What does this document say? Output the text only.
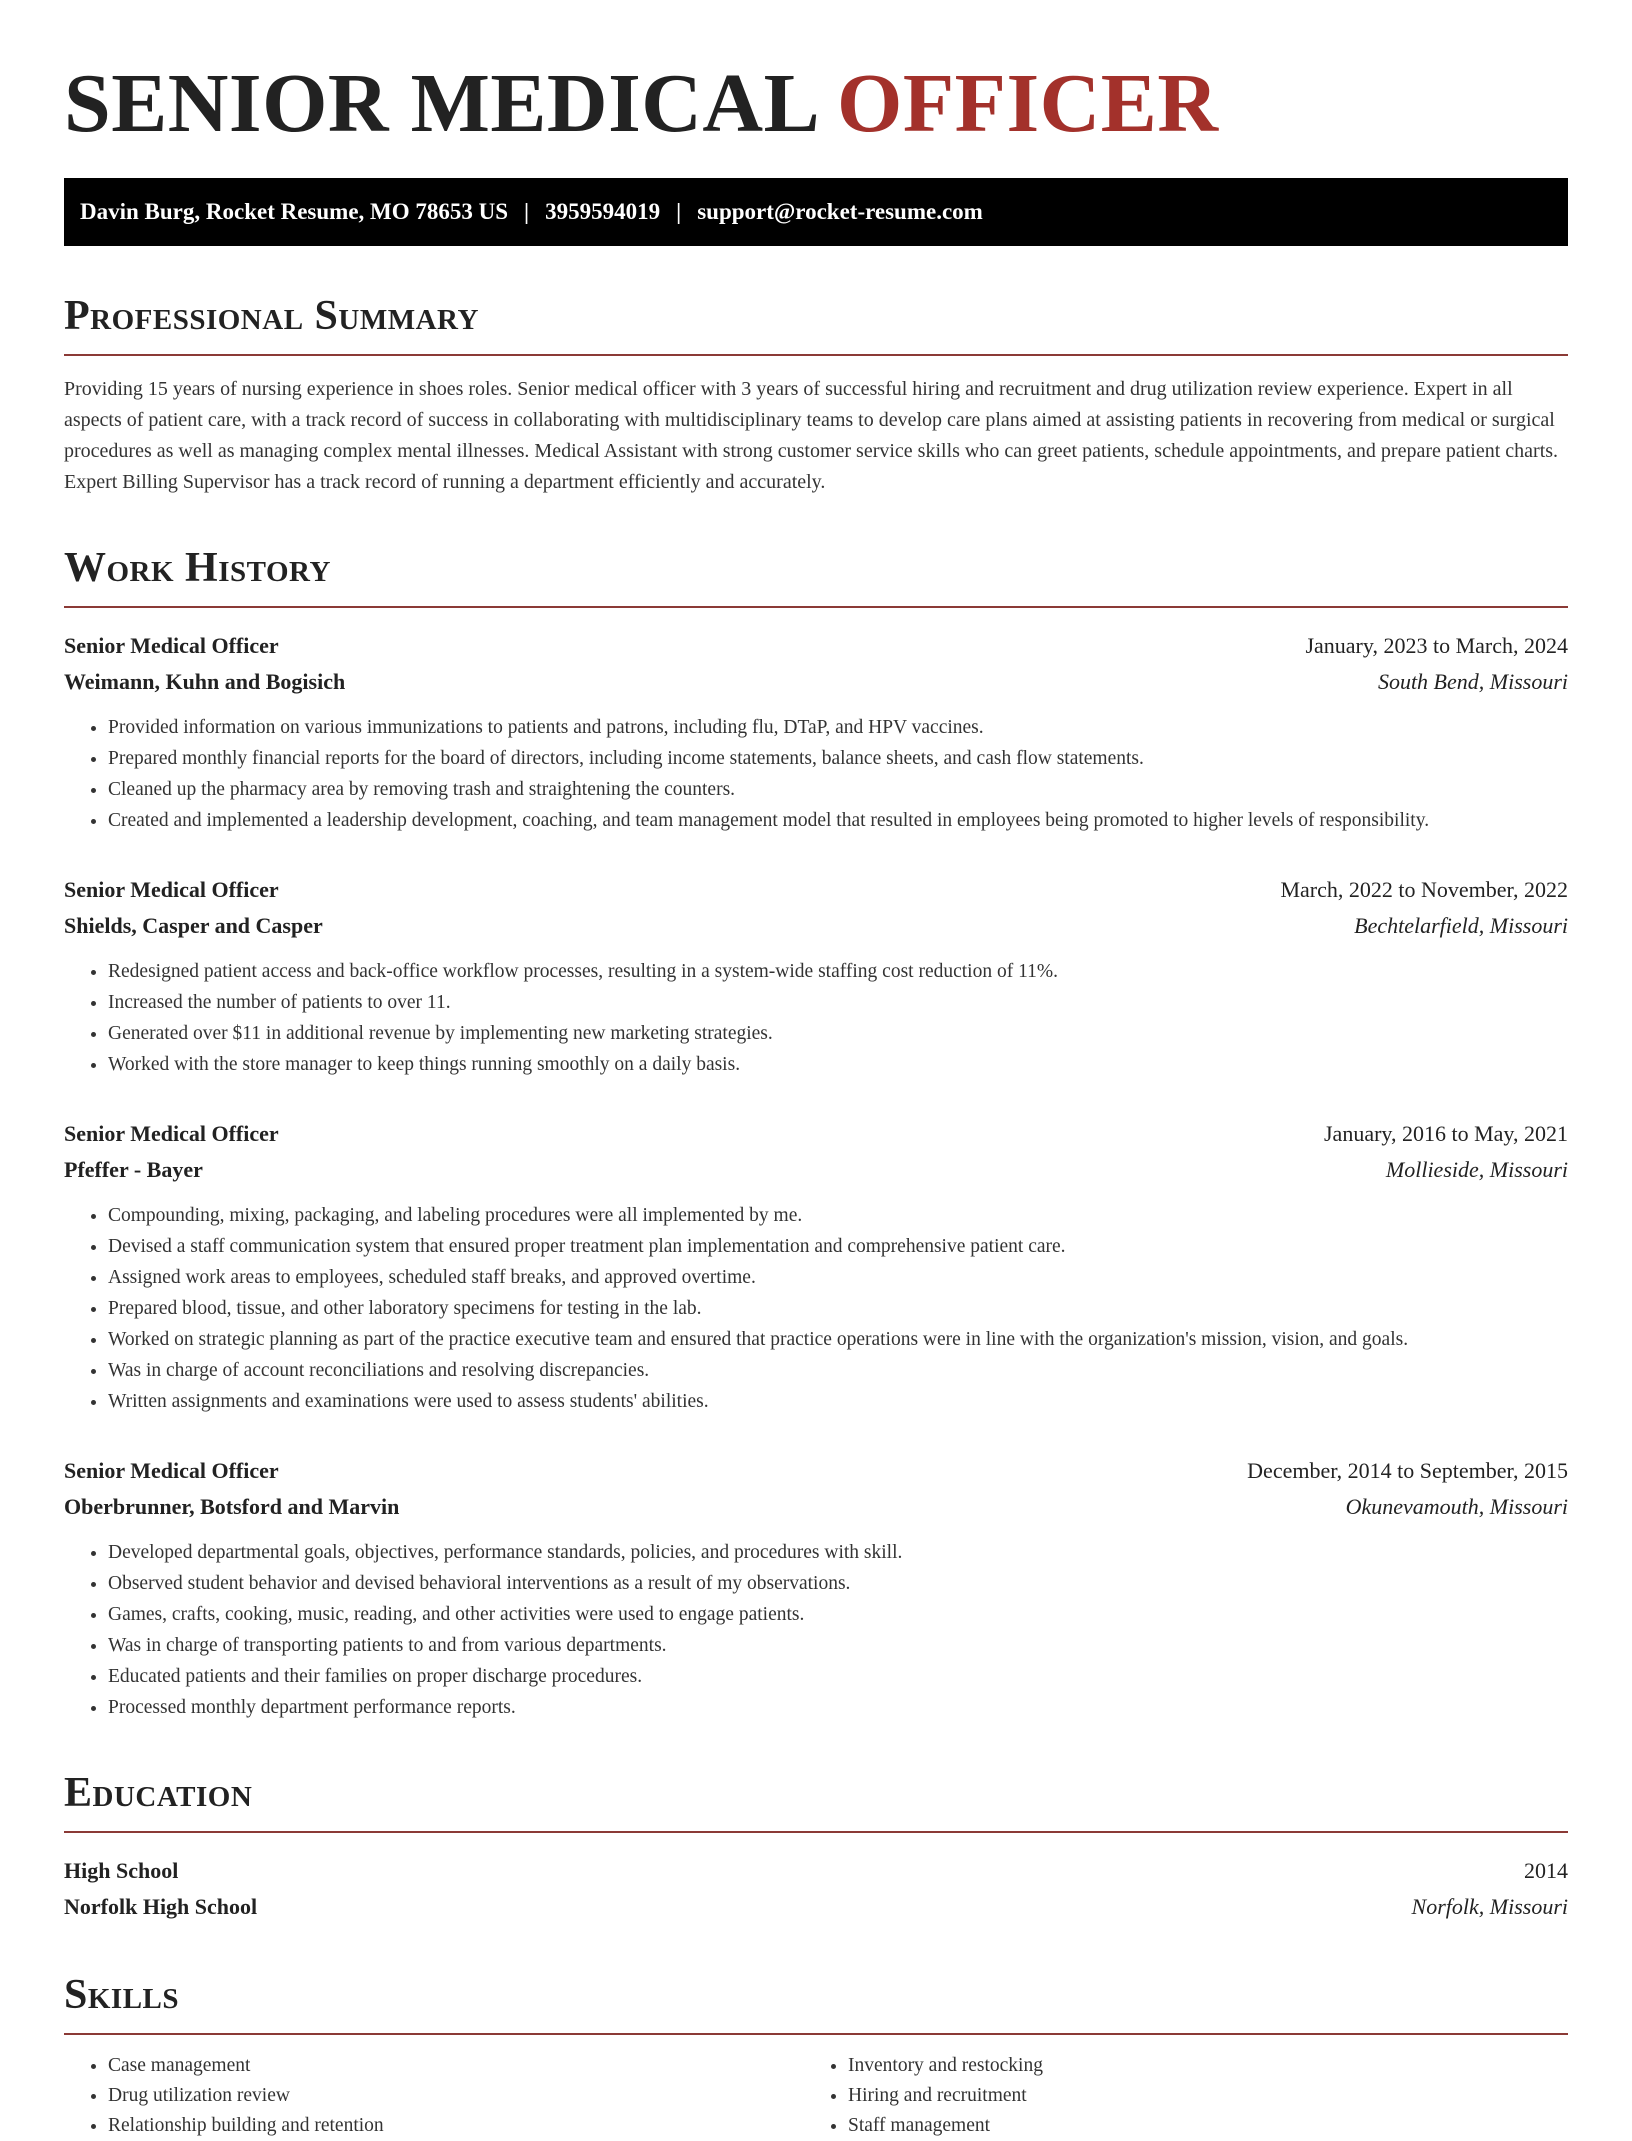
SENIOR MEDICAL OFFICER
Davin Burg, Rocket Resume, MO 78653 US | 3959594019 | support@rocket-resume.com
Professional Summary

Providing 15 years of nursing experience in shoes roles. Senior medical officer with 3 years of successful hiring and recruitment and drug utilization review experience. Expert in all aspects of patient care, with a track record of success in collaborating with multidisciplinary teams to develop care plans aimed at assisting patients in recovering from medical or surgical procedures as well as managing complex mental illnesses. Medical Assistant with strong customer service skills who can greet patients, schedule appointments, and prepare patient charts. Expert Billing Supervisor has a track record of running a department efficiently and accurately.

Work History
Senior Medical Officer	January, 2023 to March, 2024
Weimann, Kuhn and Bogisich	South Bend, Missouri
• Provided information on various immunizations to patients and patrons, including flu, DTaP, and HPV vaccines.
• Prepared monthly financial reports for the board of directors, including income statements, balance sheets, and cash flow statements.
• Cleaned up the pharmacy area by removing trash and straightening the counters.
• Created and implemented a leadership development, coaching, and team management model that resulted in employees being promoted to higher levels of responsibility.
Senior Medical Officer	March, 2022 to November, 2022
Shields, Casper and Casper	Bechtelarfield, Missouri
• Redesigned patient access and back-office workflow processes, resulting in a system-wide staffing cost reduction of 11%.
• Increased the number of patients to over 11.
• Generated over $11 in additional revenue by implementing new marketing strategies.
• Worked with the store manager to keep things running smoothly on a daily basis.
Senior Medical Officer	January, 2016 to May, 2021
Pfeffer - Bayer	Mollieside, Missouri
• Compounding, mixing, packaging, and labeling procedures were all implemented by me.
• Devised a staff communication system that ensured proper treatment plan implementation and comprehensive patient care.
• Assigned work areas to employees, scheduled staff breaks, and approved overtime.
• Prepared blood, tissue, and other laboratory specimens for testing in the lab.
• Worked on strategic planning as part of the practice executive team and ensured that practice operations were in line with the organization's mission, vision, and goals.
• Was in charge of account reconciliations and resolving discrepancies.
• Written assignments and examinations were used to assess students' abilities.
Senior Medical Officer	December, 2014 to September, 2015
Oberbrunner, Botsford and Marvin	Okunevamouth, Missouri
• Developed departmental goals, objectives, performance standards, policies, and procedures with skill.
• Observed student behavior and devised behavioral interventions as a result of my observations.
• Games, crafts, cooking, music, reading, and other activities were used to engage patients.
• Was in charge of transporting patients to and from various departments.
• Educated patients and their families on proper discharge procedures.
• Processed monthly department performance reports.
Education
High School	2014
Norfolk High School	Norfolk, Missouri
Skills
• Case management
• Drug utilization review
• Relationship building and retention
• Inventory and restocking
• Hiring and recruitment
• Staff management
